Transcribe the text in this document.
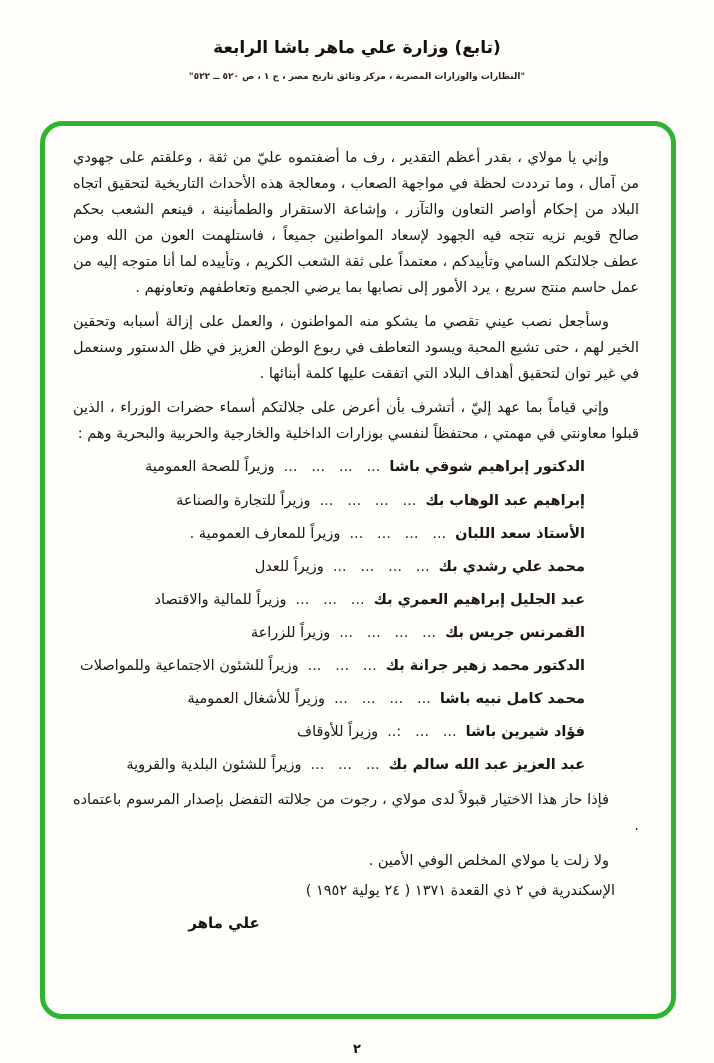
(تابع) وزارة علي ماهر باشا الرابعة
"النظارات والوزارات المصرية ، مركز وثائق تاريخ مصر ، ج ١ ، ص ٥٢٠ ــ ٥٢٢"

وإني يا مولاي ، بقدر أعظم التقدير ، رف ما أضفتموه عليّ من ثقة ، وعلقتم على جهودي من آمال ، وما ترددت لحظة في مواجهة الصعاب ، ومعالجة هذه الأحداث التاريخية لتحقيق اتجاه البلاد من إحكام أواصر التعاون والتآزر ، وإشاعة الاستقرار والطمأنينة ، فينعم الشعب بحكم صالح قويم نزيه تتجه فيه الجهود لإسعاد المواطنين جميعاً ، فاستلهمت العون من الله ومن عطف جلالتكم السامي وتأييدكم ، معتمداً على ثقة الشعب الكريم ، وتأييده لما أنا متوجه إليه من عمل حاسم منتج سريع ، يرد الأمور إلى نصابها بما يرضي الجميع وتعاطفهم وتعاونهم .

وسأجعل نصب عيني تقصي ما يشكو منه المواطنون ، والعمل على إزالة أسبابه وتحقين الخير لهم ، حتى تشيع المحبة ويسود التعاطف في ربوع الوطن العزيز في ظل الدستور وسنعمل في غير توان لتحقيق أهداف البلاد التي اتفقت عليها كلمة أبنائها .

وإني قياماً بما عهد إليّ ، أتشرف بأن أعرض على جلالتكم أسماء حضرات الوزراء ، الذين قبلوا معاونتي في مهمتي ، محتفظاً لنفسي بوزارات الداخلية والخارجية والحربية والبحرية وهم :

الدكتور إبراهيم شوقي باشا...   ...   ...   ...وزيراً للصحة العمومية
إبراهيم عبد الوهاب بك...   ...   ...   ...وزيراً للتجارة والصناعة
الأستاذ سعد اللبان...   ...   ...   ...وزيراً للمعارف العمومية .
محمد علي رشدي بك...   ...   ...   ...وزيراً للعدل
عبد الجليل إبراهيم العمري بك...   ...   ...وزيراً للمالية والاقتصاد
القمرنس جريس بك...   ...   ...   ...وزيراً للزراعة
الدكتور محمد زهير جرانة بك...   ...   ...وزيراً للشئون الاجتماعية وللمواصلات
محمد كامل نبيه باشا...   ...   ...   ...وزيراً للأشغال العمومية
فؤاد شيرين باشا...   ...   :..وزيراً للأوقاف
عبد العزيز عبد الله سالم بك...   ...   ...وزيراً للشئون البلدية والقروية

فإذا حاز هذا الاختيار قبولاً لدى مولاي ، رجوت من جلالته التفضل بإصدار المرسوم باعتماده .

ولا زلت يا مولاي المخلص الوفي الأمين .

الإسكندرية في ٢ ذي القعدة ١٣٧١ ( ٢٤ يولية ١٩٥٢ )

علي ماهر
٢
